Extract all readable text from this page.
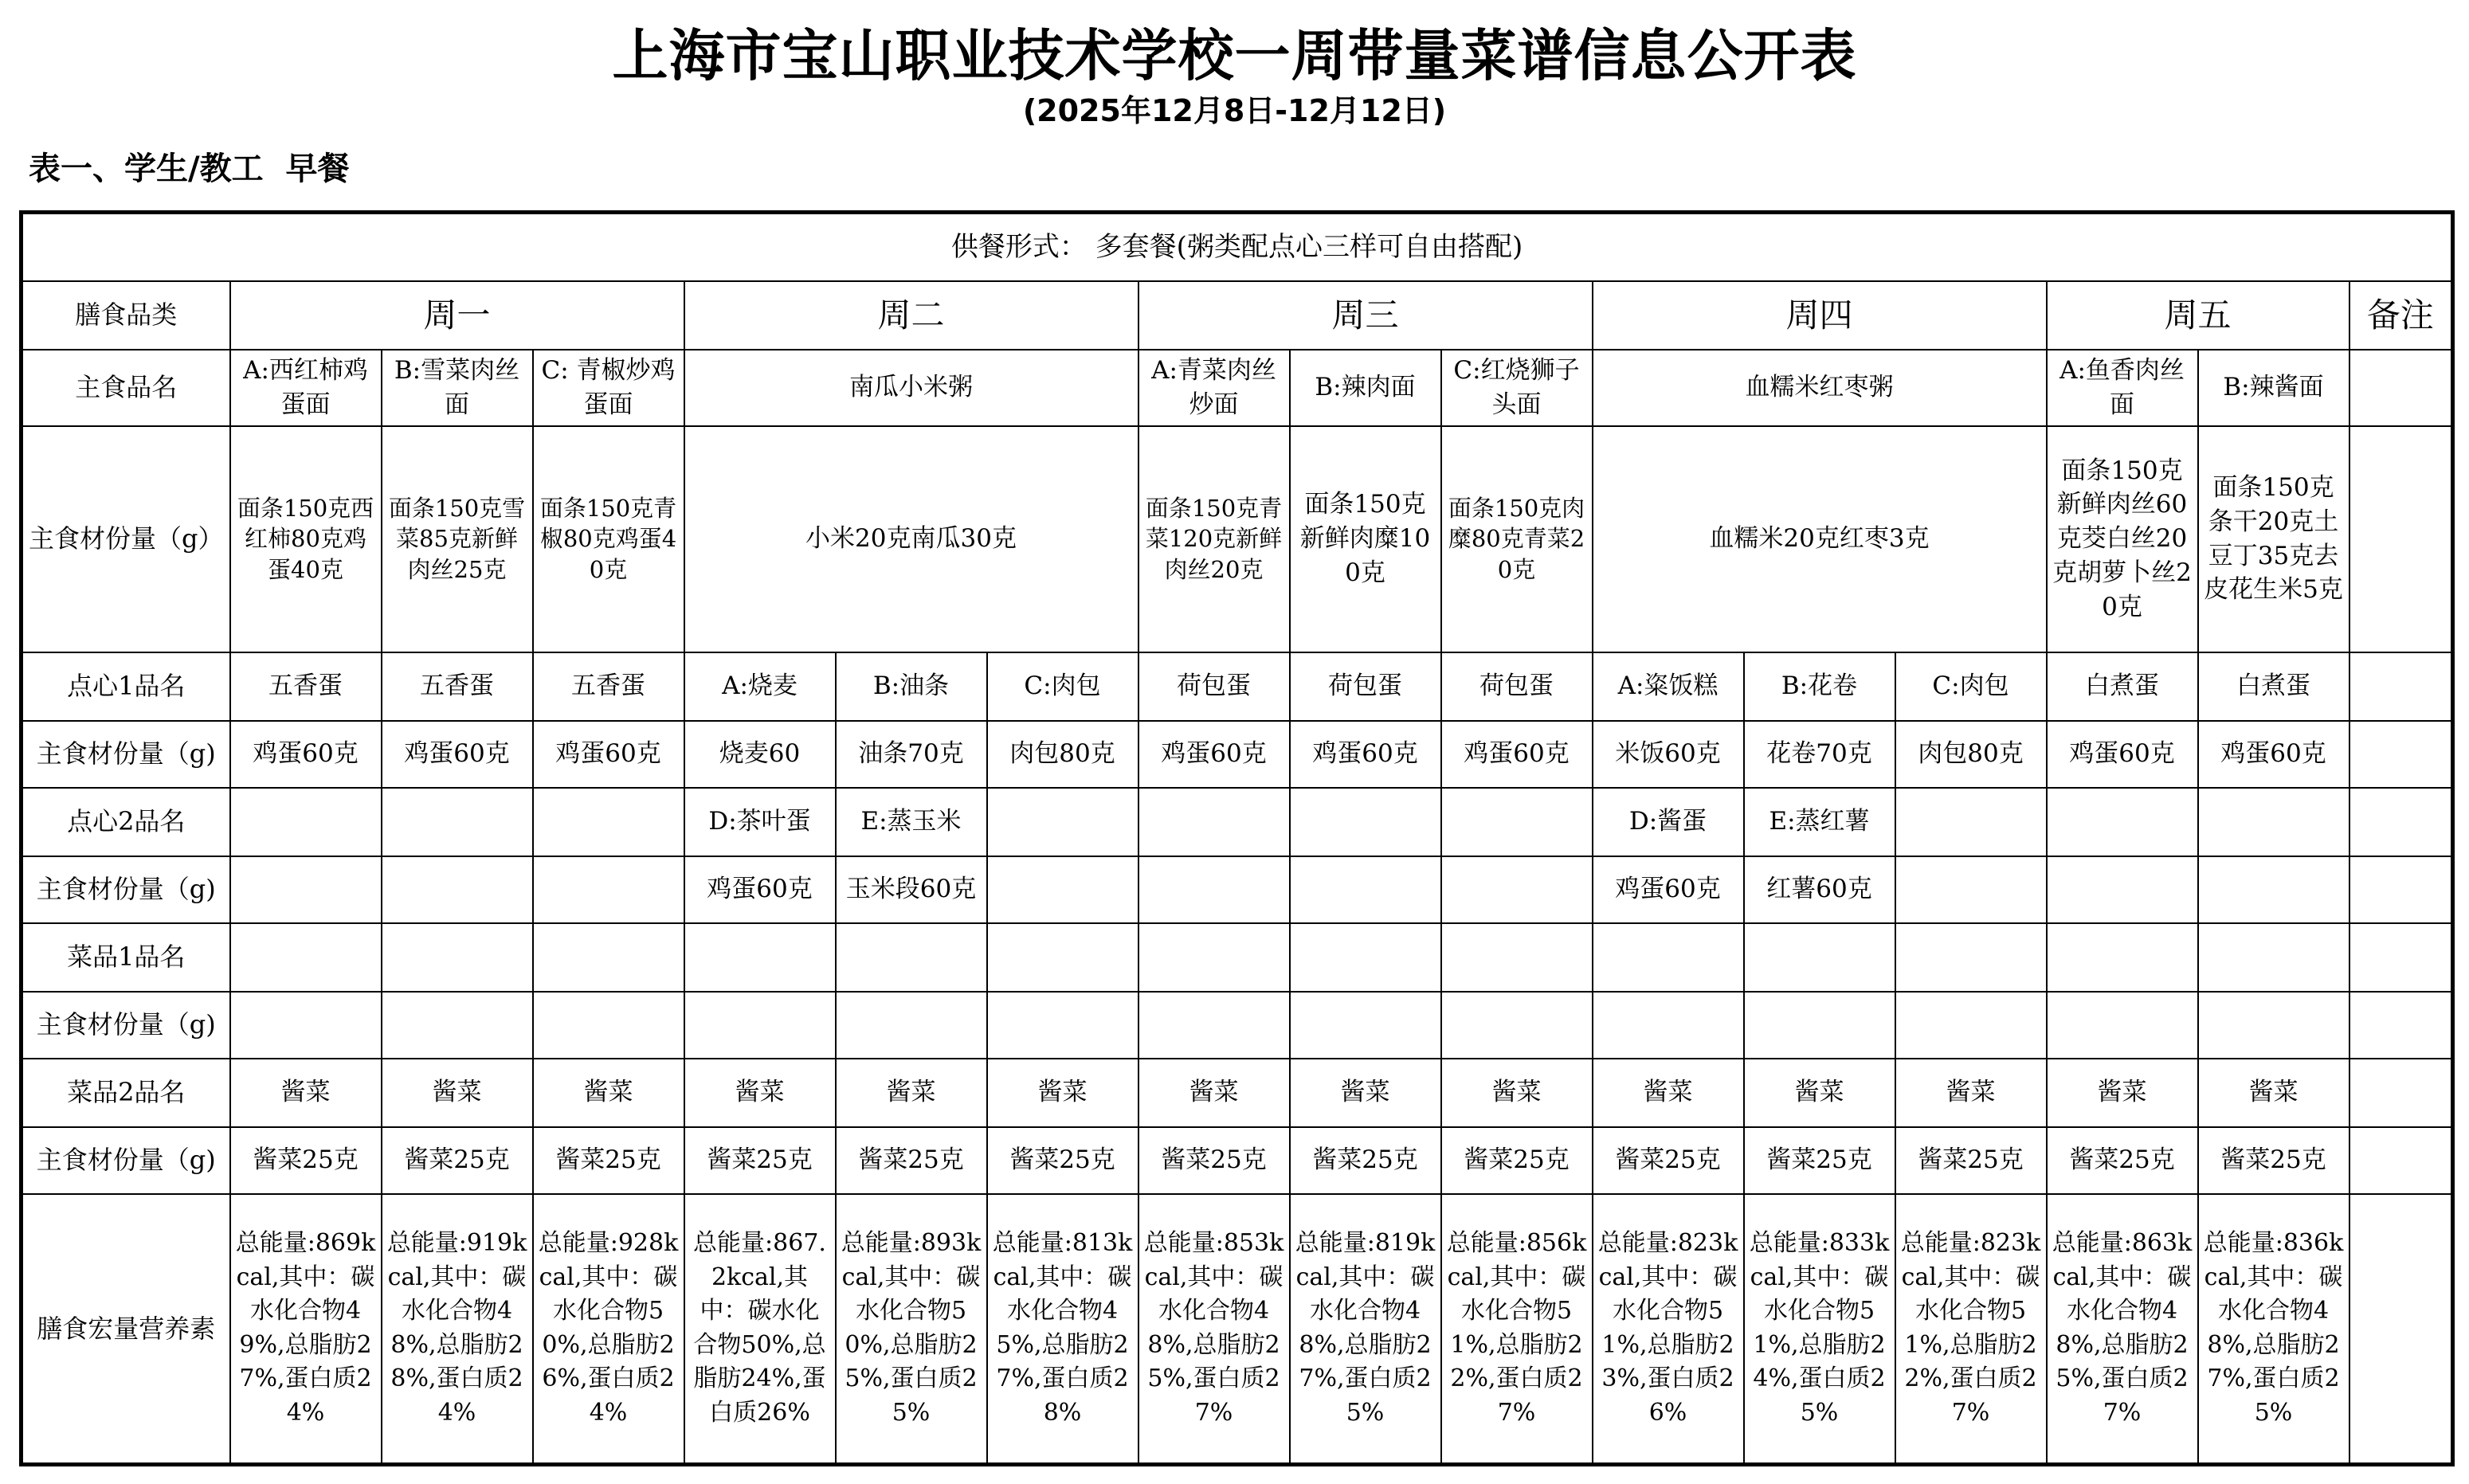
上海市宝山职业技术学校一周带量菜谱信息公开表
(2025年12月8日-12月12日)
表一、学生/教工  早餐
供餐形式： 多套餐(粥类配点心三样可自由搭配)															
膳食品类	周一			周二			周三			周四			周五		备注
主食品名	A:西红柿鸡蛋面	B:雪菜肉丝面	C: 青椒炒鸡蛋面	南瓜小米粥			A:青菜肉丝炒面	B:辣肉面	C:红烧狮子头面	血糯米红枣粥			A:鱼香肉丝面	B:辣酱面	
主食材份量（g）	面条150克西红柿80克鸡蛋40克	面条150克雪菜85克新鲜肉丝25克	面条150克青椒80克鸡蛋40克	小米20克南瓜30克			面条150克青菜120克新鲜肉丝20克	面条150克新鲜肉糜100克	面条150克肉糜80克青菜20克	血糯米20克红枣3克			面条150克新鲜肉丝60克茭白丝20克胡萝卜丝20克	面条150克条干20克土豆丁35克去皮花生米5克	
点心1品名	五香蛋	五香蛋	五香蛋	A:烧麦	B:油条	C:肉包	荷包蛋	荷包蛋	荷包蛋	A:粢饭糕	B:花卷	C:肉包	白煮蛋	白煮蛋	
主食材份量（g)	鸡蛋60克	鸡蛋60克	鸡蛋60克	烧麦60	油条70克	肉包80克	鸡蛋60克	鸡蛋60克	鸡蛋60克	米饭60克	花卷70克	肉包80克	鸡蛋60克	鸡蛋60克	
点心2品名				D:茶叶蛋	E:蒸玉米					D:酱蛋	E:蒸红薯				
主食材份量（g)				鸡蛋60克	玉米段60克					鸡蛋60克	红薯60克				
菜品1品名															
主食材份量（g)															
菜品2品名	酱菜	酱菜	酱菜	酱菜	酱菜	酱菜	酱菜	酱菜	酱菜	酱菜	酱菜	酱菜	酱菜	酱菜	
主食材份量（g)	酱菜25克	酱菜25克	酱菜25克	酱菜25克	酱菜25克	酱菜25克	酱菜25克	酱菜25克	酱菜25克	酱菜25克	酱菜25克	酱菜25克	酱菜25克	酱菜25克	
膳食宏量营养素	总能量:869kcal,其中：碳水化合物49%,总脂肪27%,蛋白质24%	总能量:919kcal,其中：碳水化合物48%,总脂肪28%,蛋白质24%	总能量:928kcal,其中：碳水化合物50%,总脂肪26%,蛋白质24%	总能量:867.2kcal,其中：碳水化合物50%,总脂肪24%,蛋白质26%	总能量:893kcal,其中：碳水化合物50%,总脂肪25%,蛋白质25%	总能量:813kcal,其中：碳水化合物45%,总脂肪27%,蛋白质28%	总能量:853kcal,其中：碳水化合物48%,总脂肪25%,蛋白质27%	总能量:819kcal,其中：碳水化合物48%,总脂肪27%,蛋白质25%	总能量:856kcal,其中：碳水化合物51%,总脂肪22%,蛋白质27%	总能量:823kcal,其中：碳水化合物51%,总脂肪23%,蛋白质26%	总能量:833kcal,其中：碳水化合物51%,总脂肪24%,蛋白质25%	总能量:823kcal,其中：碳水化合物51%,总脂肪22%,蛋白质27%	总能量:863kcal,其中：碳水化合物48%,总脂肪25%,蛋白质27%	总能量:836kcal,其中：碳水化合物48%,总脂肪27%,蛋白质25%	
